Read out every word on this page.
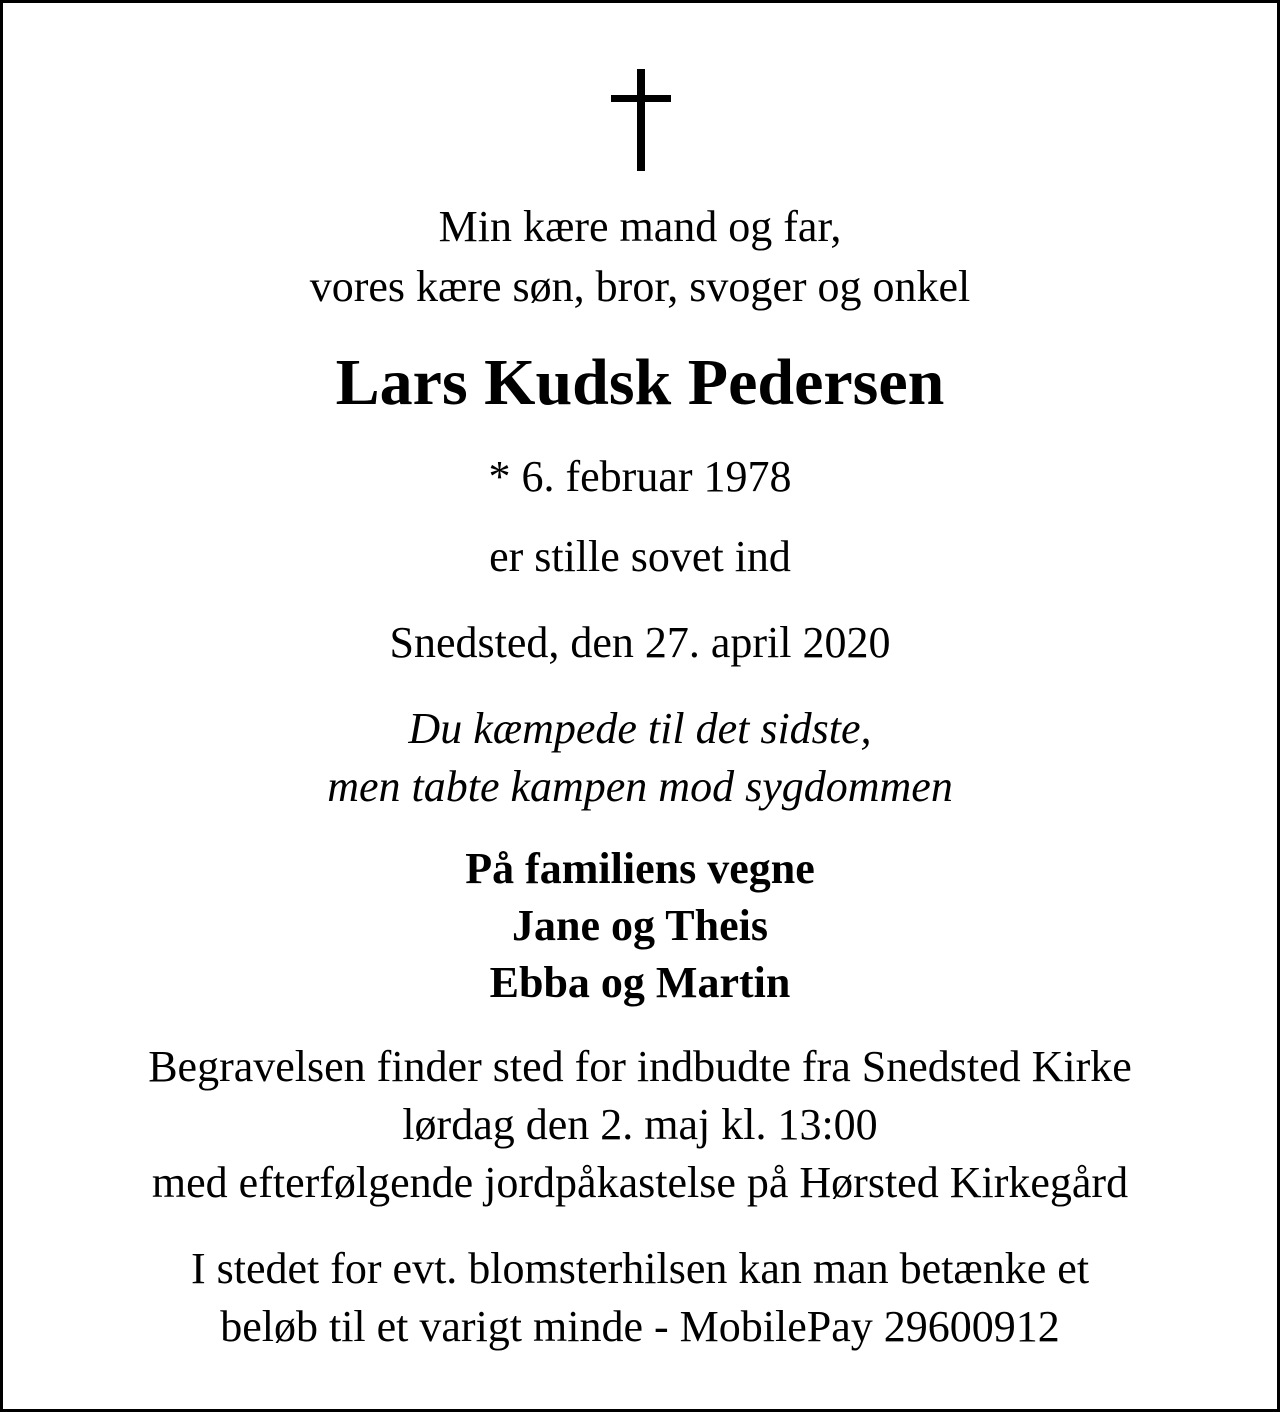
Min kære mand og far,
vores kære søn, bror, svoger og onkel
Lars Kudsk Pedersen
* 6. februar 1978
er stille sovet ind
Snedsted, den 27. april 2020
Du kæmpede til det sidste,
men tabte kampen mod sygdommen
På familiens vegne
Jane og Theis
Ebba og Martin
Begravelsen finder sted for indbudte fra Snedsted Kirke
lørdag den 2. maj kl. 13:00
med efterfølgende jordpåkastelse på Hørsted Kirkegård
I stedet for evt. blomsterhilsen kan man betænke et
beløb til et varigt minde - MobilePay 29600912
